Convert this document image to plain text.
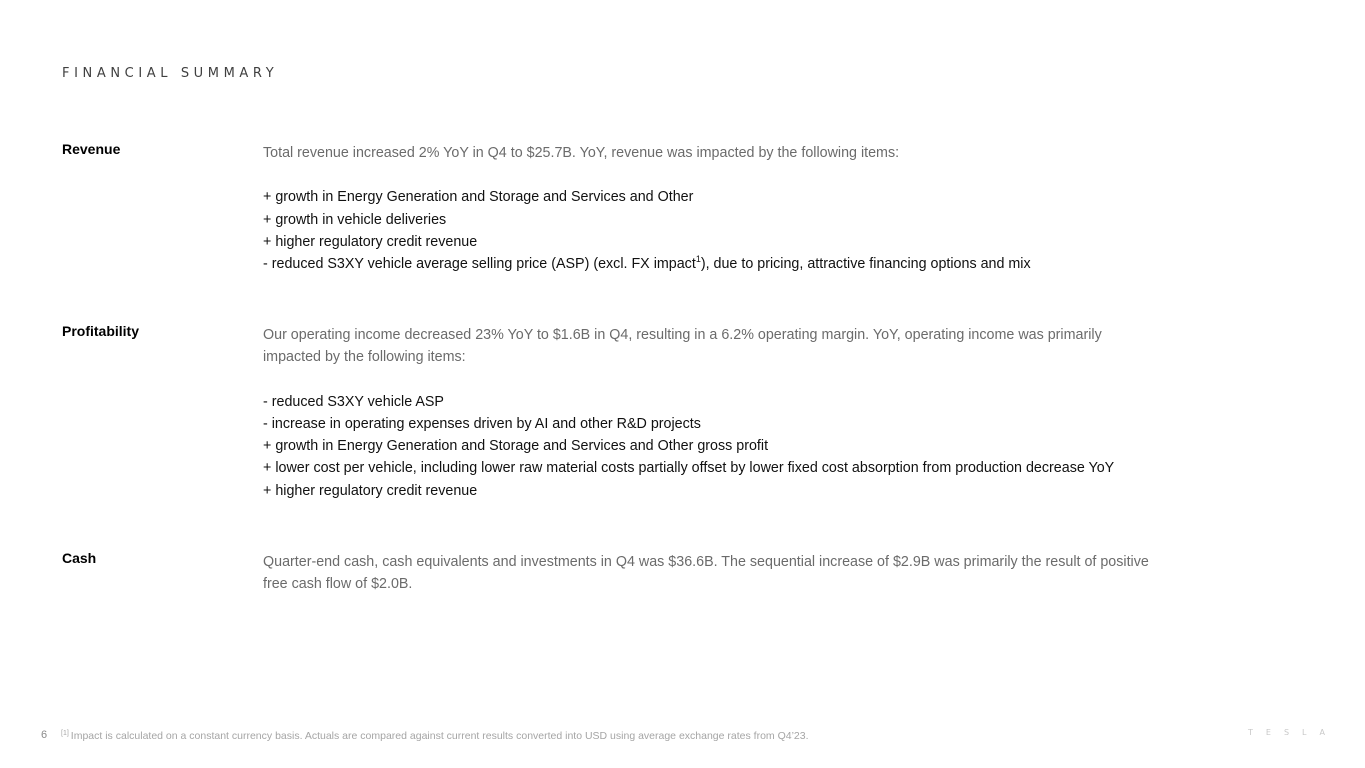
FINANCIAL SUMMARY
Revenue	Total revenue increased 2% YoY in Q4 to $25.7B. YoY, revenue was impacted by the following items:

+ growth in Energy Generation and Storage and Services and Other
+ growth in vehicle deliveries
+ higher regulatory credit revenue
- reduced S3XY vehicle average selling price (ASP) (excl. FX impact$^1$), due to pricing, attractive financing options and mix
Profitability	Our operating income decreased 23% YoY to $1.6B in Q4, resulting in a 6.2% operating margin. YoY, operating income was primarily impacted by the following items:

- reduced S3XY vehicle ASP
- increase in operating expenses driven by AI and other R&D projects
+ growth in Energy Generation and Storage and Services and Other gross profit
+ lower cost per vehicle, including lower raw material costs partially offset by lower fixed cost absorption from production decrease YoY
+ higher regulatory credit revenue
Cash	Quarter-end cash, cash equivalents and investments in Q4 was $36.6B. The sequential increase of $2.9B was primarily the result of positive free cash flow of $2.0B.

6 [1] Impact is calculated on a constant currency basis. Actuals are compared against current results converted into USD using average exchange rates from Q4’23.	T E S L A
